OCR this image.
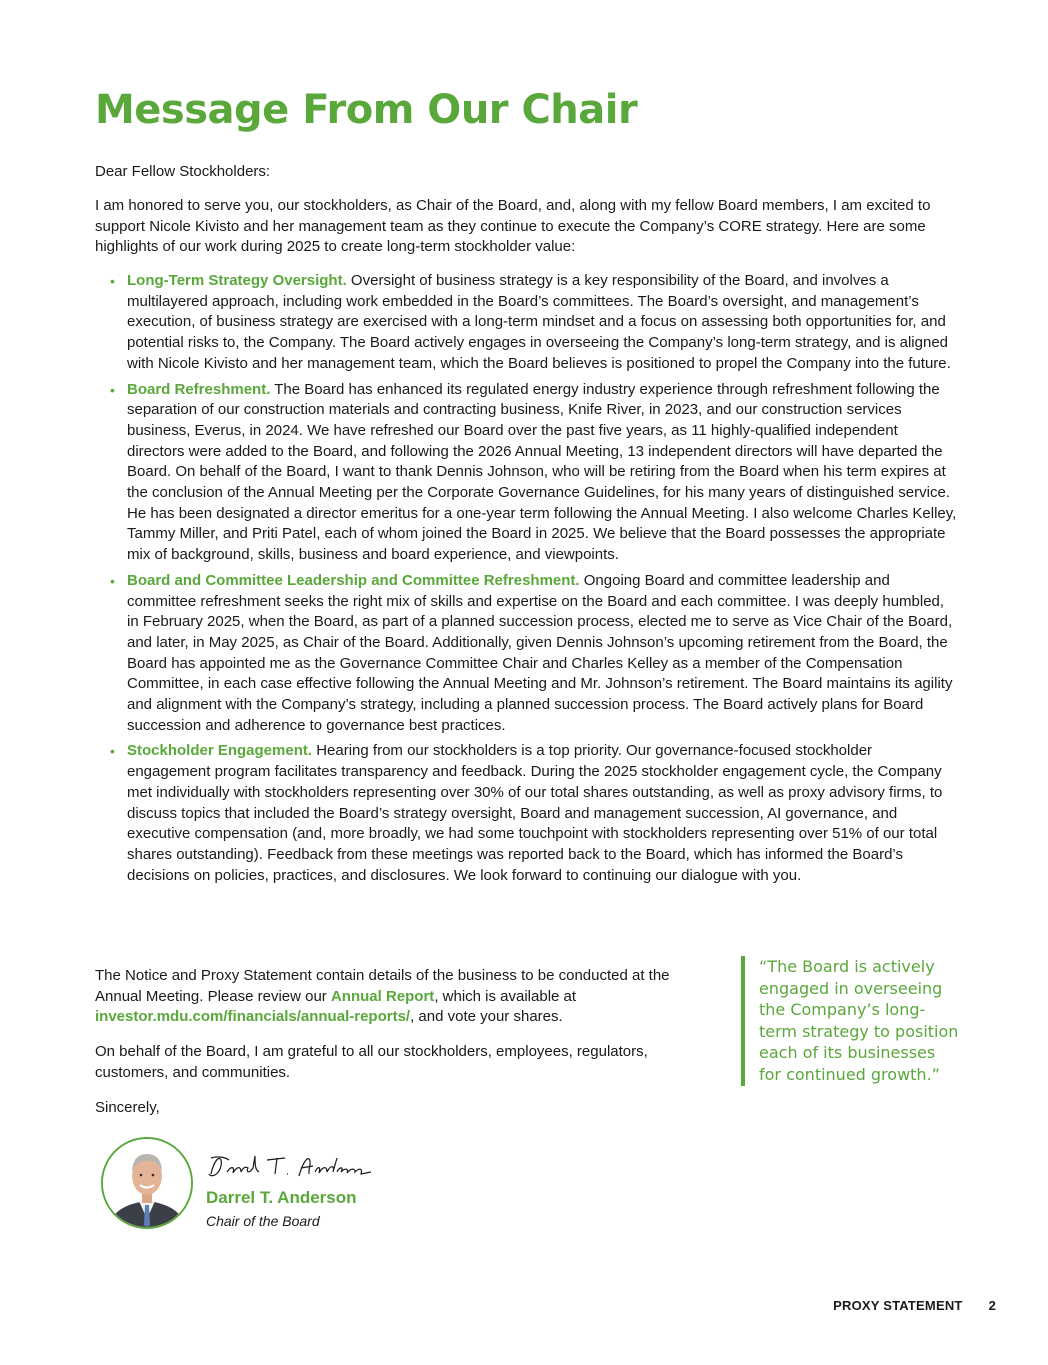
Message From Our Chair

Dear Fellow Stockholders:

I am honored to serve you, our stockholders, as Chair of the Board, and, along with my fellow Board members, I am excited to support Nicole Kivisto and her management team as they continue to execute the Company’s CORE strategy. Here are some highlights of our work during 2025 to create long-term stockholder value:

• Long-Term Strategy Oversight. Oversight of business strategy is a key responsibility of the Board, and involves a multilayered approach, including work embedded in the Board’s committees. The Board’s oversight, and management’s execution, of business strategy are exercised with a long-term mindset and a focus on assessing both opportunities for, and potential risks to, the Company. The Board actively engages in overseeing the Company’s long-term strategy, and is aligned with Nicole Kivisto and her management team, which the Board believes is positioned to propel the Company into the future.
• Board Refreshment. The Board has enhanced its regulated energy industry experience through refreshment following the separation of our construction materials and contracting business, Knife River, in 2023, and our construction services business, Everus, in 2024. We have refreshed our Board over the past five years, as 11 highly-qualified independent directors were added to the Board, and following the 2026 Annual Meeting, 13 independent directors will have departed the Board. On behalf of the Board, I want to thank Dennis Johnson, who will be retiring from the Board when his term expires at the conclusion of the Annual Meeting per the Corporate Governance Guidelines, for his many years of distinguished service. He has been designated a director emeritus for a one-year term following the Annual Meeting. I also welcome Charles Kelley, Tammy Miller, and Priti Patel, each of whom joined the Board in 2025. We believe that the Board possesses the appropriate mix of background, skills, business and board experience, and viewpoints.
• Board and Committee Leadership and Committee Refreshment. Ongoing Board and committee leadership and committee refreshment seeks the right mix of skills and expertise on the Board and each committee. I was deeply humbled, in February 2025, when the Board, as part of a planned succession process, elected me to serve as Vice Chair of the Board, and later, in May 2025, as Chair of the Board. Additionally, given Dennis Johnson’s upcoming retirement from the Board, the Board has appointed me as the Governance Committee Chair and Charles Kelley as a member of the Compensation Committee, in each case effective following the Annual Meeting and Mr. Johnson’s retirement. The Board maintains its agility and alignment with the Company’s strategy, including a planned succession process. The Board actively plans for Board succession and adherence to governance best practices.
• Stockholder Engagement. Hearing from our stockholders is a top priority. Our governance-focused stockholder engagement program facilitates transparency and feedback. During the 2025 stockholder engagement cycle, the Company met individually with stockholders representing over 30% of our total shares outstanding, as well as proxy advisory firms, to discuss topics that included the Board’s strategy oversight, Board and management succession, AI governance, and executive compensation (and, more broadly, we had some touchpoint with stockholders representing over 51% of our total shares outstanding). Feedback from these meetings was reported back to the Board, which has informed the Board’s decisions on policies, practices, and disclosures. We look forward to continuing our dialogue with you.

The Notice and Proxy Statement contain details of the business to be conducted at the Annual Meeting. Please review our Annual Report, which is available at investor.mdu.com/financials/annual-reports/, and vote your shares.

On behalf of the Board, I am grateful to all our stockholders, employees, regulators, customers, and communities.

Sincerely,

“The Board is actively engaged in overseeing the Company’s long-term strategy to position each of its businesses for continued growth.”
Darrel T. Anderson
Chair of the Board
PROXY STATEMENT 2
